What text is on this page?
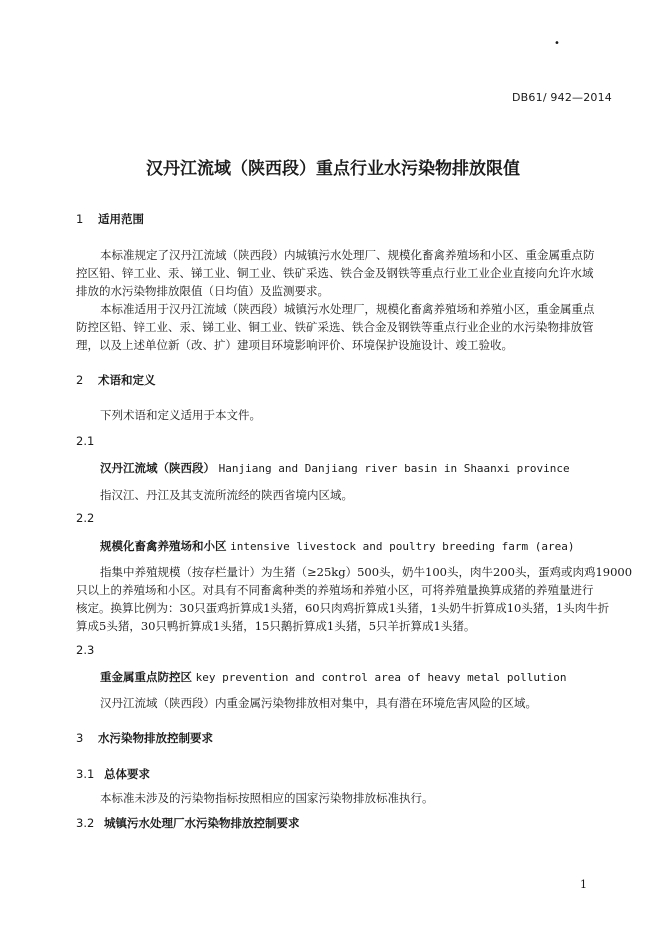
•
DB61/ 942—2014
汉丹江流域（陕西段）重点行业水污染物排放限值
1 适用范围
本标准规定了汉丹江流域（陕西段）内城镇污水处理厂、规模化畜禽养殖场和小区、重金属重点防
控区铅、锌工业、汞、锑工业、铜工业、铁矿采选、铁合金及钢铁等重点行业工业企业直接向允许水域
排放的水污染物排放限值（日均值）及监测要求。
本标准适用于汉丹江流域（陕西段）城镇污水处理厂，规模化畜禽养殖场和养殖小区，重金属重点
防控区铅、锌工业、汞、锑工业、铜工业、铁矿采选、铁合金及钢铁等重点行业企业的水污染物排放管
理，以及上述单位新（改、扩）建项目环境影响评价、环境保护设施设计、竣工验收。
2 术语和定义
下列术语和定义适用于本文件。
2.1
汉丹江流域（陕西段） Hanjiang and Danjiang river basin in Shaanxi province
指汉江、丹江及其支流所流经的陕西省境内区域。
2.2
规模化畜禽养殖场和小区 intensive livestock and poultry breeding farm (area)
指集中养殖规模（按存栏量计）为生猪（≥25kg）500头，奶牛100头，肉牛200头，蛋鸡或肉鸡19000
只以上的养殖场和小区。对具有不同畜禽种类的养殖场和养殖小区，可将养殖量换算成猪的养殖量进行
核定。换算比例为：30只蛋鸡折算成1头猪，60只肉鸡折算成1头猪，1头奶牛折算成10头猪，1头肉牛折
算成5头猪，30只鸭折算成1头猪，15只鹅折算成1头猪，5只羊折算成1头猪。
2.3
重金属重点防控区 key prevention and control area of heavy metal pollution
汉丹江流域（陕西段）内重金属污染物排放相对集中，具有潜在环境危害风险的区域。
3 水污染物排放控制要求
3.1 总体要求
本标准未涉及的污染物指标按照相应的国家污染物排放标准执行。
3.2 城镇污水处理厂水污染物排放控制要求
1
